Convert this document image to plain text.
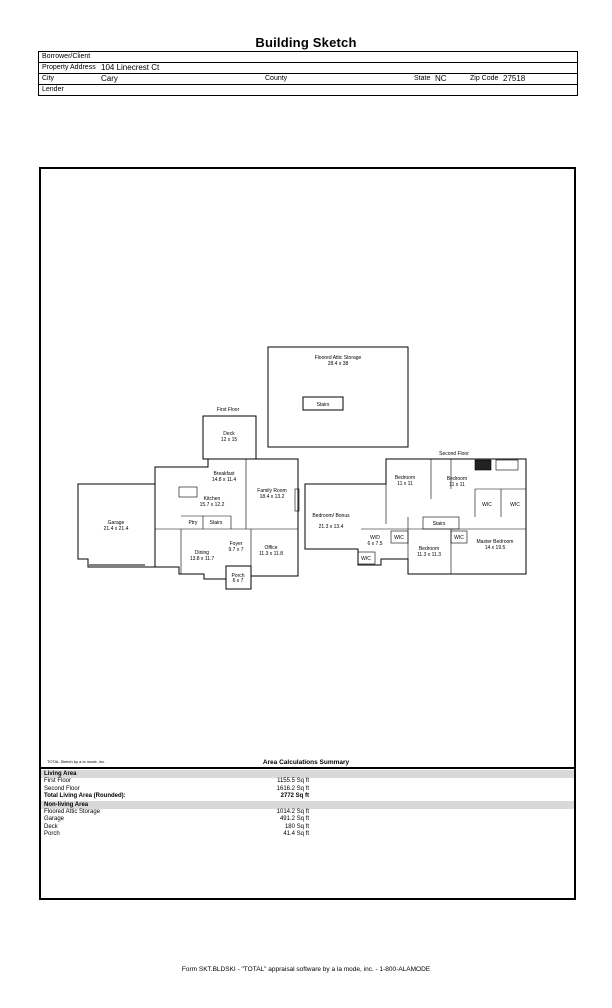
Building Sketch
Borrower/Client
Property Address 104 Linecrest Ct
City	Cary	County	State NC	Zip Code 27518
Lender
First Floor
Second Floor
Floored Attic Storage
28.4 x 38
Stairs
Deck
12 x 15
Breakfast
14.8 x 11.4
Kitchen
15.7 x 12.2
Family Room
18.4 x 13.2
Garage
21.4 x 21.4
Ptry Stairs
Foyer
9.7 x 7
Dining
13.8 x 11.7
Office
11.3 x 11.8
Porch
6 x 7
Bedroom/ Bonus
21.3 x 13.4
W/D
6 x 7.5
WIC
WIC
Bedroom
11 x 11
Bedroom
11 x 11
Stairs
Bedroom
11.3 x 11.3
WIC
WIC	WIC
Master Bedroom
14 x 19.5
TOTAL Sketch by a la mode, inc.	Area Calculations Summary
Living Area
First Floor	1155.5 Sq ft
Second Floor	1616.2 Sq ft
Total Living Area (Rounded):	2772 Sq ft
Non-living Area
Floored Attic Storage	1014.2 Sq ft
Garage	491.2 Sq ft
Deck	180 Sq ft
Porch	41.4 Sq ft
Form SKT.BLDSKI - "TOTAL" appraisal software by a la mode, inc. - 1-800-ALAMODE
